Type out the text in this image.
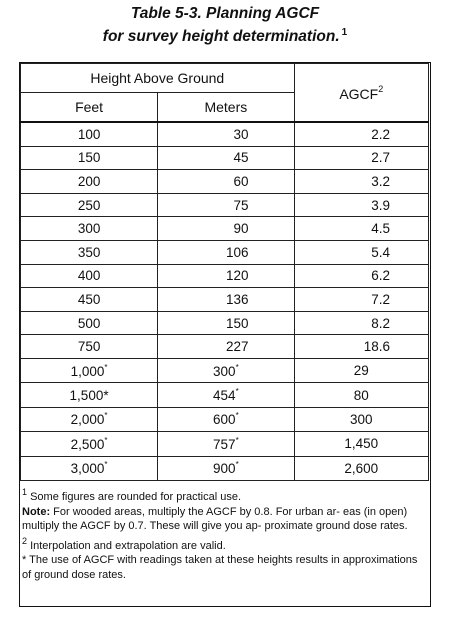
Table 5-3. Planning AGCF
for survey height determination. $^1$
Height Above Ground		AGCF$^2$
Feet	Meters	
100	30	2.2
150	45	2.7
200	60	3.2
250	75	3.9
300	90	4.5
350	106	5.4
400	120	6.2
450	136	7.2
500	150	8.2
750	227	18.6
1,000*	300*	29
1,500*	454*	80
2,000*	600*	300
2,500*	757*	1,450
3,000*	900*	2,600

$^1$ Some figures are rounded for practical use.

Note: For wooded areas, multiply the AGCF by 0.8. For urban ar- eas (in open) multiply the AGCF by 0.7. These will give you ap- proximate ground dose rates.

$^2$ Interpolation and extrapolation are valid.

* The use of AGCF with readings taken at these heights results in approximations of ground dose rates.
